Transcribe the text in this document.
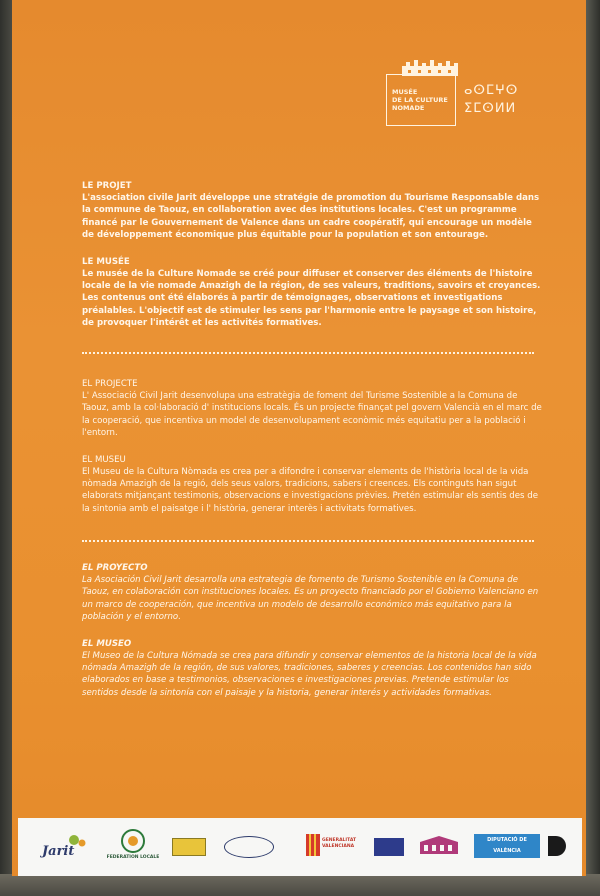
MUSÉE
DE LA CULTURE
NOMADE
ⴰⵙⵎⵖⵙ
ⵉⵎⵙⵍⵍ
LE PROJET
L'association civile Jarit développe une stratégie de promotion du Tourisme Responsable dans la commune de Taouz, en collaboration avec des institutions locales. C'est un programme financé par le Gouvernement de Valence dans un cadre coopératif, qui encourage un modèle de développement économique plus équitable pour la population et son entourage.
LE MUSÉE
Le musée de la Culture Nomade se créé pour diffuser et conserver des éléments de l'histoire locale de la vie nomade Amazigh de la région, de ses valeurs, traditions, savoirs et croyances. Les contenus ont été élaborés à partir de témoignages, observations et investigations préalables. L'objectif est de stimuler les sens par l'harmonie entre le paysage et son histoire, de provoquer l'intérêt et les activités formatives.
EL PROJECTE
L' Associació Civil Jarit desenvolupa una estratègia de foment del Turisme Sostenible a la Comuna de Taouz, amb la col·laboració d' institucions locals. És un projecte finançat pel govern Valencià en el marc de la cooperació, que incentiva un model de desenvolupament econòmic més equitatiu per a la població i l'entorn.
EL MUSEU
El Museu de la Cultura Nòmada es crea per a difondre i conservar elements de l'història local de la vida nòmada Amazigh de la regió, dels seus valors, tradicions, sabers i creences. Els continguts han sigut elaborats mitjançant testimonis, observacions e investigacions prèvies. Pretén estimular els sentis des de la sintonia amb el paisatge i l' història, generar interès i activitats formatives.
EL PROYECTO
La Asociación Civil Jarit desarrolla una estrategia de fomento de Turismo Sostenible en la Comuna de Taouz, en colaboración con instituciones locales. Es un proyecto financiado por el Gobierno Valenciano en un marco de cooperación, que incentiva un modelo de desarrollo económico más equitativo para la población y el entorno.
EL MUSEO
El Museo de la Cultura Nómada se crea para difundir y conservar elementos de la historia local de la vida nómada Amazigh de la región, de sus valores, tradiciones, saberes y creencias. Los contenidos han sido elaborados en base a testimonios, observaciones e investigaciones previas. Pretende estimular los sentidos desde la sintonía con el paisaje y la historia, generar interés y actividades formativas.
Jarit	FEDERATION LOCALE
GENERALITAT VALENCIANA
DIPUTACIÓ DE VALÈNCIA
